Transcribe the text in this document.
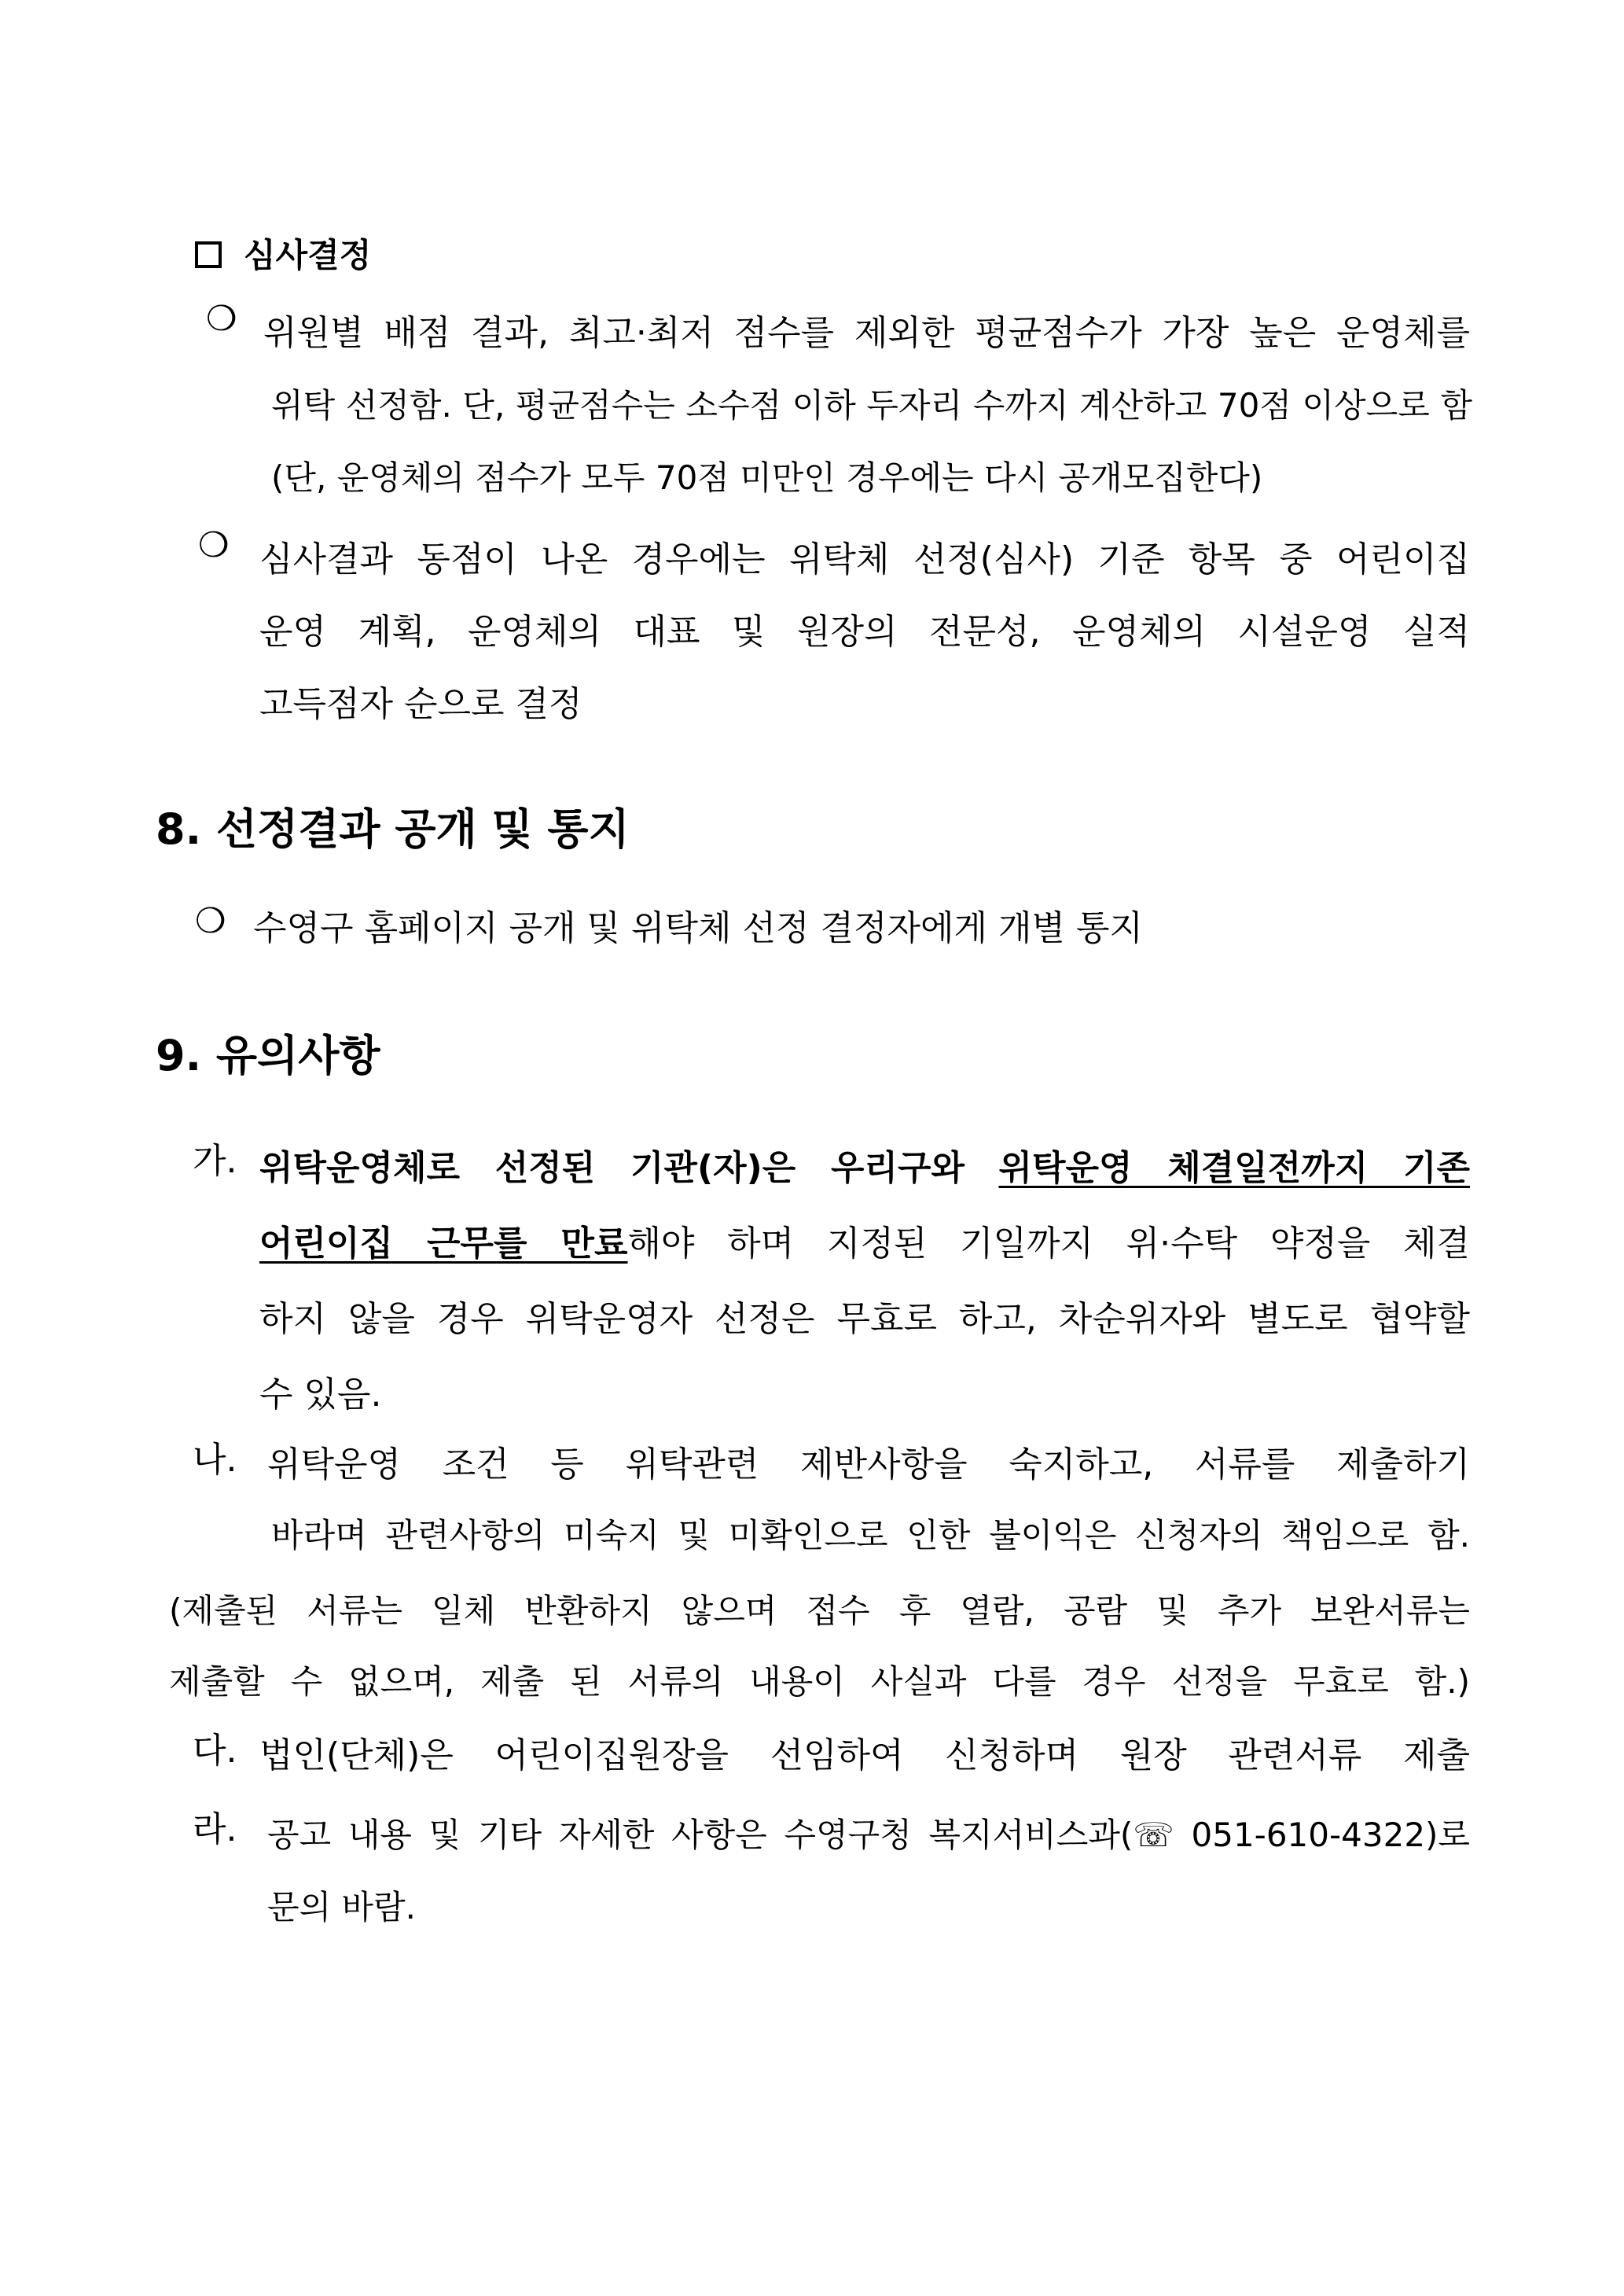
심사결정
❍ 위원별 배점 결과, 최고·최저 점수를 제외한 평균점수가 가장 높은 운영체를
위탁 선정함. 단, 평균점수는 소수점 이하 두자리 수까지 계산하고 70점 이상으로 함
(단, 운영체의 점수가 모두 70점 미만인 경우에는 다시 공개모집한다)
❍ 심사결과 동점이 나온 경우에는 위탁체 선정(심사) 기준 항목 중 어린이집
운영 계획, 운영체의 대표 및 원장의 전문성, 운영체의 시설운영 실적
고득점자 순으로 결정
8. 선정결과 공개 및 통지
❍ 수영구 홈페이지 공개 및 위탁체 선정 결정자에게 개별 통지
9. 유의사항
가. 위탁운영체로 선정된 기관(자)은 우리구와 위탁운영 체결일전까지 기존
어린이집 근무를 만료해야 하며 지정된 기일까지 위·수탁 약정을 체결
하지 않을 경우 위탁운영자 선정은 무효로 하고, 차순위자와 별도로 협약할
수 있음.
나. 위탁운영 조건 등 위탁관련 제반사항을 숙지하고, 서류를 제출하기
바라며 관련사항의 미숙지 및 미확인으로 인한 불이익은 신청자의 책임으로 함.
(제출된 서류는 일체 반환하지 않으며 접수 후 열람, 공람 및 추가 보완서류는
제출할 수 없으며, 제출 된 서류의 내용이 사실과 다를 경우 선정을 무효로 함.)
다. 법인(단체)은 어린이집원장을 선임하여 신청하며 원장 관련서류 제출
라. 공고 내용 및 기타 자세한 사항은 수영구청 복지서비스과(☏ 051-610-4322)로
문의 바람.
